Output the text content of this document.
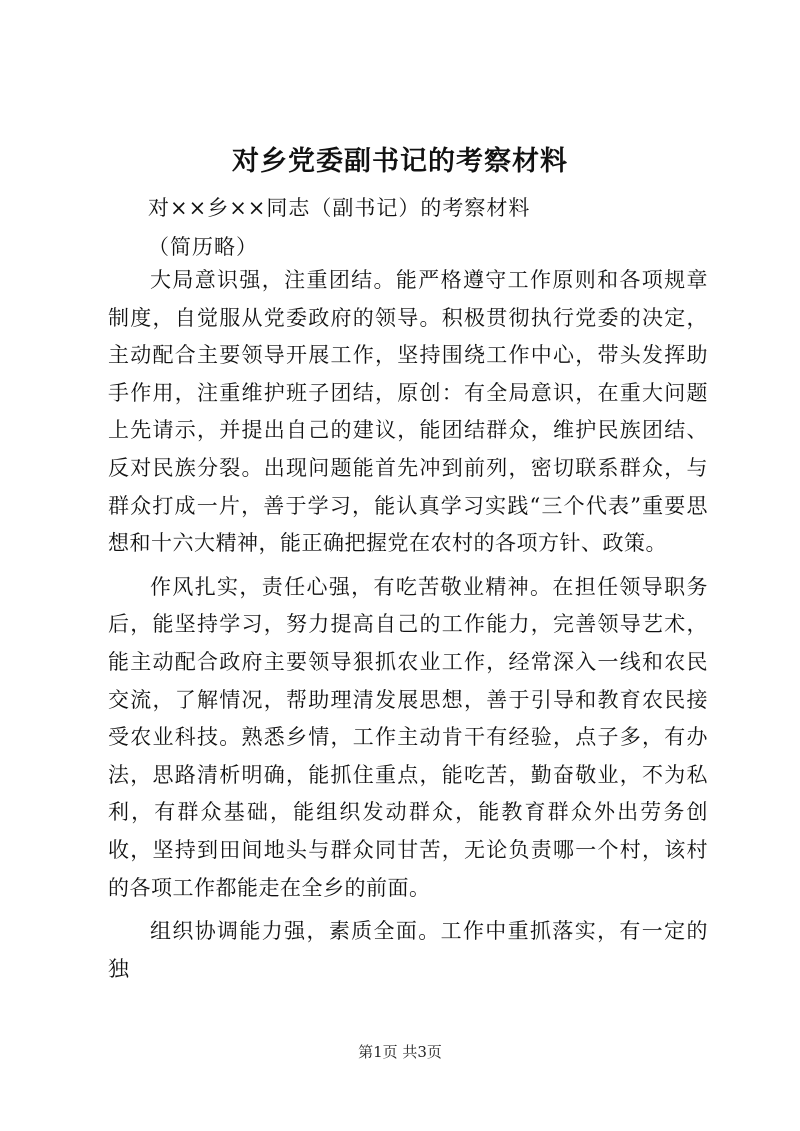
对乡党委副书记的考察材料

对××乡××同志（副书记）的考察材料

（简历略）

大局意识强，注重团结。能严格遵守工作原则和各项规章制度，自觉服从党委政府的领导。积极贯彻执行党委的决定，主动配合主要领导开展工作，坚持围绕工作中心，带头发挥助手作用，注重维护班子团结，原创：有全局意识，在重大问题上先请示，并提出自己的建议，能团结群众，维护民族团结、反对民族分裂。出现问题能首先冲到前列，密切联系群众，与群众打成一片，善于学习，能认真学习实践“三个代表”重要思想和十六大精神，能正确把握党在农村的各项方针、政策。

作风扎实，责任心强，有吃苦敬业精神。在担任领导职务后，能坚持学习，努力提高自己的工作能力，完善领导艺术，能主动配合政府主要领导狠抓农业工作，经常深入一线和农民交流，了解情况，帮助理清发展思想，善于引导和教育农民接受农业科技。熟悉乡情，工作主动肯干有经验，点子多，有办法，思路清析明确，能抓住重点，能吃苦，勤奋敬业，不为私利，有群众基础，能组织发动群众，能教育群众外出劳务创收，坚持到田间地头与群众同甘苦，无论负责哪一个村，该村的各项工作都能走在全乡的前面。

组织协调能力强，素质全面。工作中重抓落实，有一定的独

第1页 共3页
